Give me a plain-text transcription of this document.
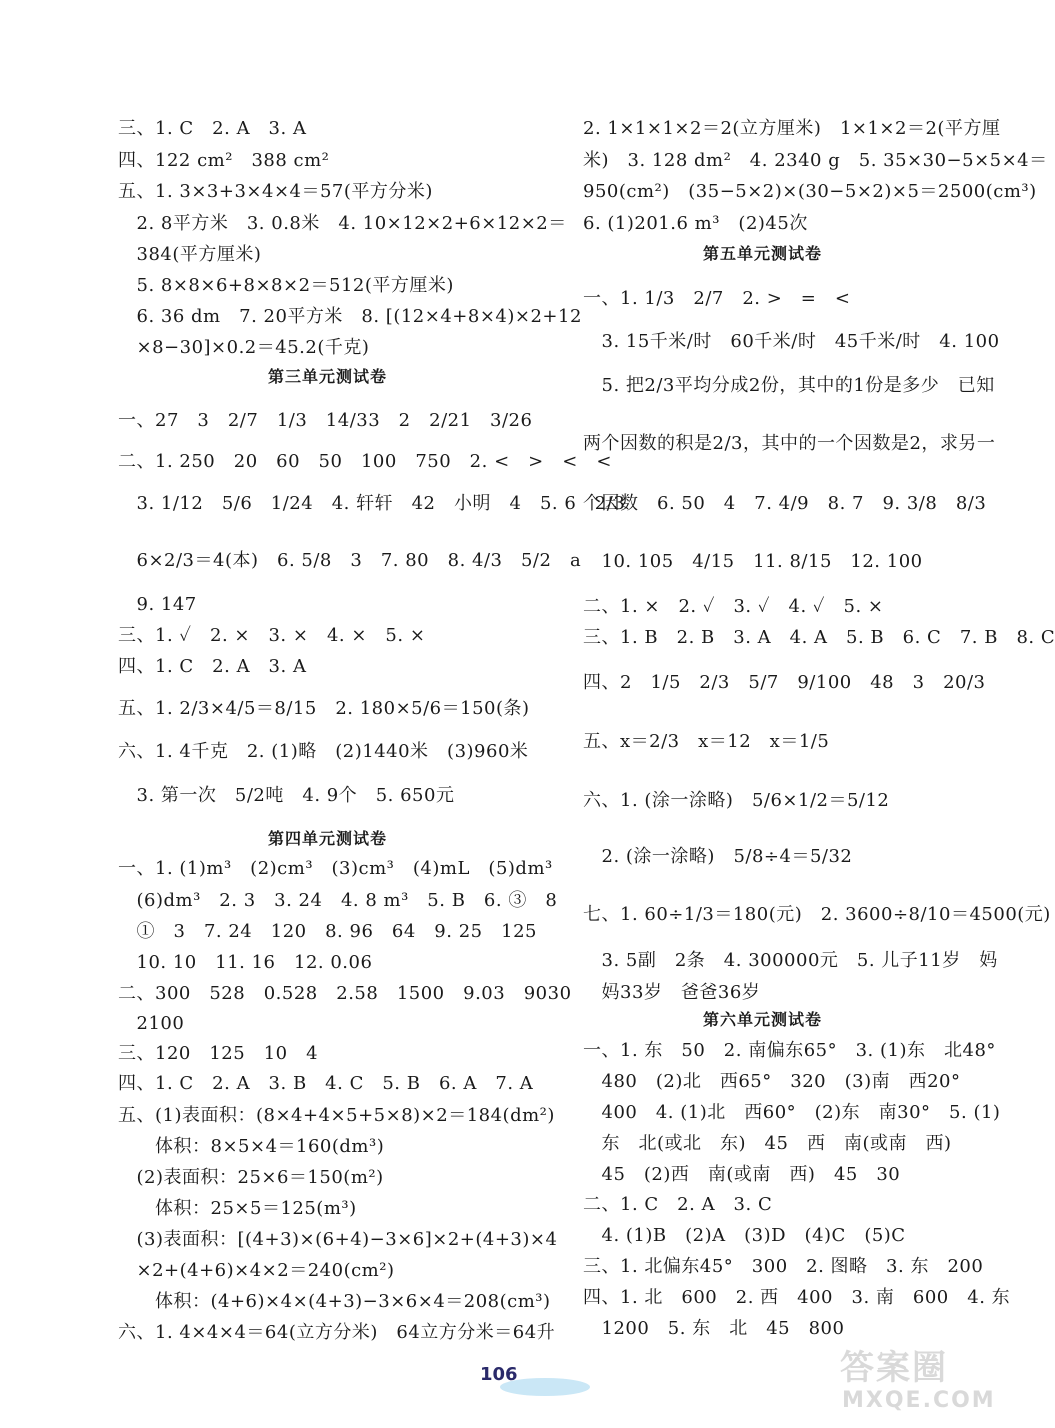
三、1. C　2. A　3. A
四、122 cm²　388 cm²
五、1. 3×3+3×4×4＝57(平方分米)
　2. 8平方米　3. 0.8米　4. 10×12×2+6×12×2＝
　384(平方厘米)
　5. 8×8×6+8×8×2＝512(平方厘米)
　6. 36 dm　7. 20平方米　8. [(12×4+8×4)×2+12
　×8−30]×0.2＝45.2(千克)
第三单元测试卷
一、27　3　2/7　1/3　14/33　2　2/21　3/26
二、1. 250　20　60　50　100　750　2. <　>　<　<
　3. 1/12　5/6　1/24　4. 轩轩　42　小明　4　5. 6　2/3
　6×2/3＝4(本)　6. 5/8　3　7. 80　8. 4/3　5/2　a
　9. 147
三、1. ✓　2. ×　3. ×　4. ×　5. ×
四、1. C　2. A　3. A
五、1. 2/3×4/5＝8/15　2. 180×5/6＝150(条)
六、1. 4千克　2. (1)略　(2)1440米　(3)960米
　3. 第一次　5/2吨　4. 9个　5. 650元
第四单元测试卷
一、1. (1)m³　(2)cm³　(3)cm³　(4)mL　(5)dm³
　(6)dm³　2. 3　3. 24　4. 8 m³　5. B　6. ③　8
　①　3　7. 24　120　8. 96　64　9. 25　125
　10. 10　11. 16　12. 0.06
二、300　528　0.528　2.58　1500　9.03　9030
　2100
三、120　125　10　4
四、1. C　2. A　3. B　4. C　5. B　6. A　7. A
五、(1)表面积：(8×4+4×5+5×8)×2＝184(dm²)
　　体积：8×5×4＝160(dm³)
　(2)表面积：25×6＝150(m²)
　　体积：25×5＝125(m³)
　(3)表面积：[(4+3)×(6+4)−3×6]×2+(4+3)×4
　×2+(4+6)×4×2＝240(cm²)
　　体积：(4+6)×4×(4+3)−3×6×4＝208(cm³)
六、1. 4×4×4＝64(立方分米)　64立方分米＝64升
2. 1×1×1×2＝2(立方厘米)　1×1×2＝2(平方厘
米)　3. 128 dm²　4. 2340 g　5. 35×30−5×5×4＝
950(cm²)　(35−5×2)×(30−5×2)×5＝2500(cm³)
6. (1)201.6 m³　(2)45次
第五单元测试卷
一、1. 1/3　2/7　2. >　=　<
　3. 15千米/时　60千米/时　45千米/时　4. 100
　5. 把2/3平均分成2份，其中的1份是多少　已知
两个因数的积是2/3，其中的一个因数是2，求另一
个因数　6. 50　4　7. 4/9　8. 7　9. 3/8　8/3
　10. 105　4/15　11. 8/15　12. 100
二、1. ×　2. ✓　3. ✓　4. ✓　5. ×
三、1. B　2. B　3. A　4. A　5. B　6. C　7. B　8. C
四、2　1/5　2/3　5/7　9/100　48　3　20/3
五、x＝2/3　x＝12　x＝1/5
六、1. (涂一涂略)　5/6×1/2＝5/12
　2. (涂一涂略)　5/8÷4＝5/32
七、1. 60÷1/3＝180(元)　2. 3600÷8/10＝4500(元)
　3. 5副　2条　4. 300000元　5. 儿子11岁　妈
　妈33岁　爸爸36岁
第六单元测试卷
一、1. 东　50　2. 南偏东65°　3. (1)东　北48°
　480　(2)北　西65°　320　(3)南　西20°
　400　4. (1)北　西60°　(2)东　南30°　5. (1)
　东　北(或北　东)　45　西　南(或南　西)
　45　(2)西　南(或南　西)　45　30
二、1. C　2. A　3. C
　4. (1)B　(2)A　(3)D　(4)C　(5)C
三、1. 北偏东45°　300　2. 图略　3. 东　200
四、1. 北　600　2. 西　400　3. 南　600　4. 东
　1200　5. 东　北　45　800
106	答案圈
MXQE.COM
